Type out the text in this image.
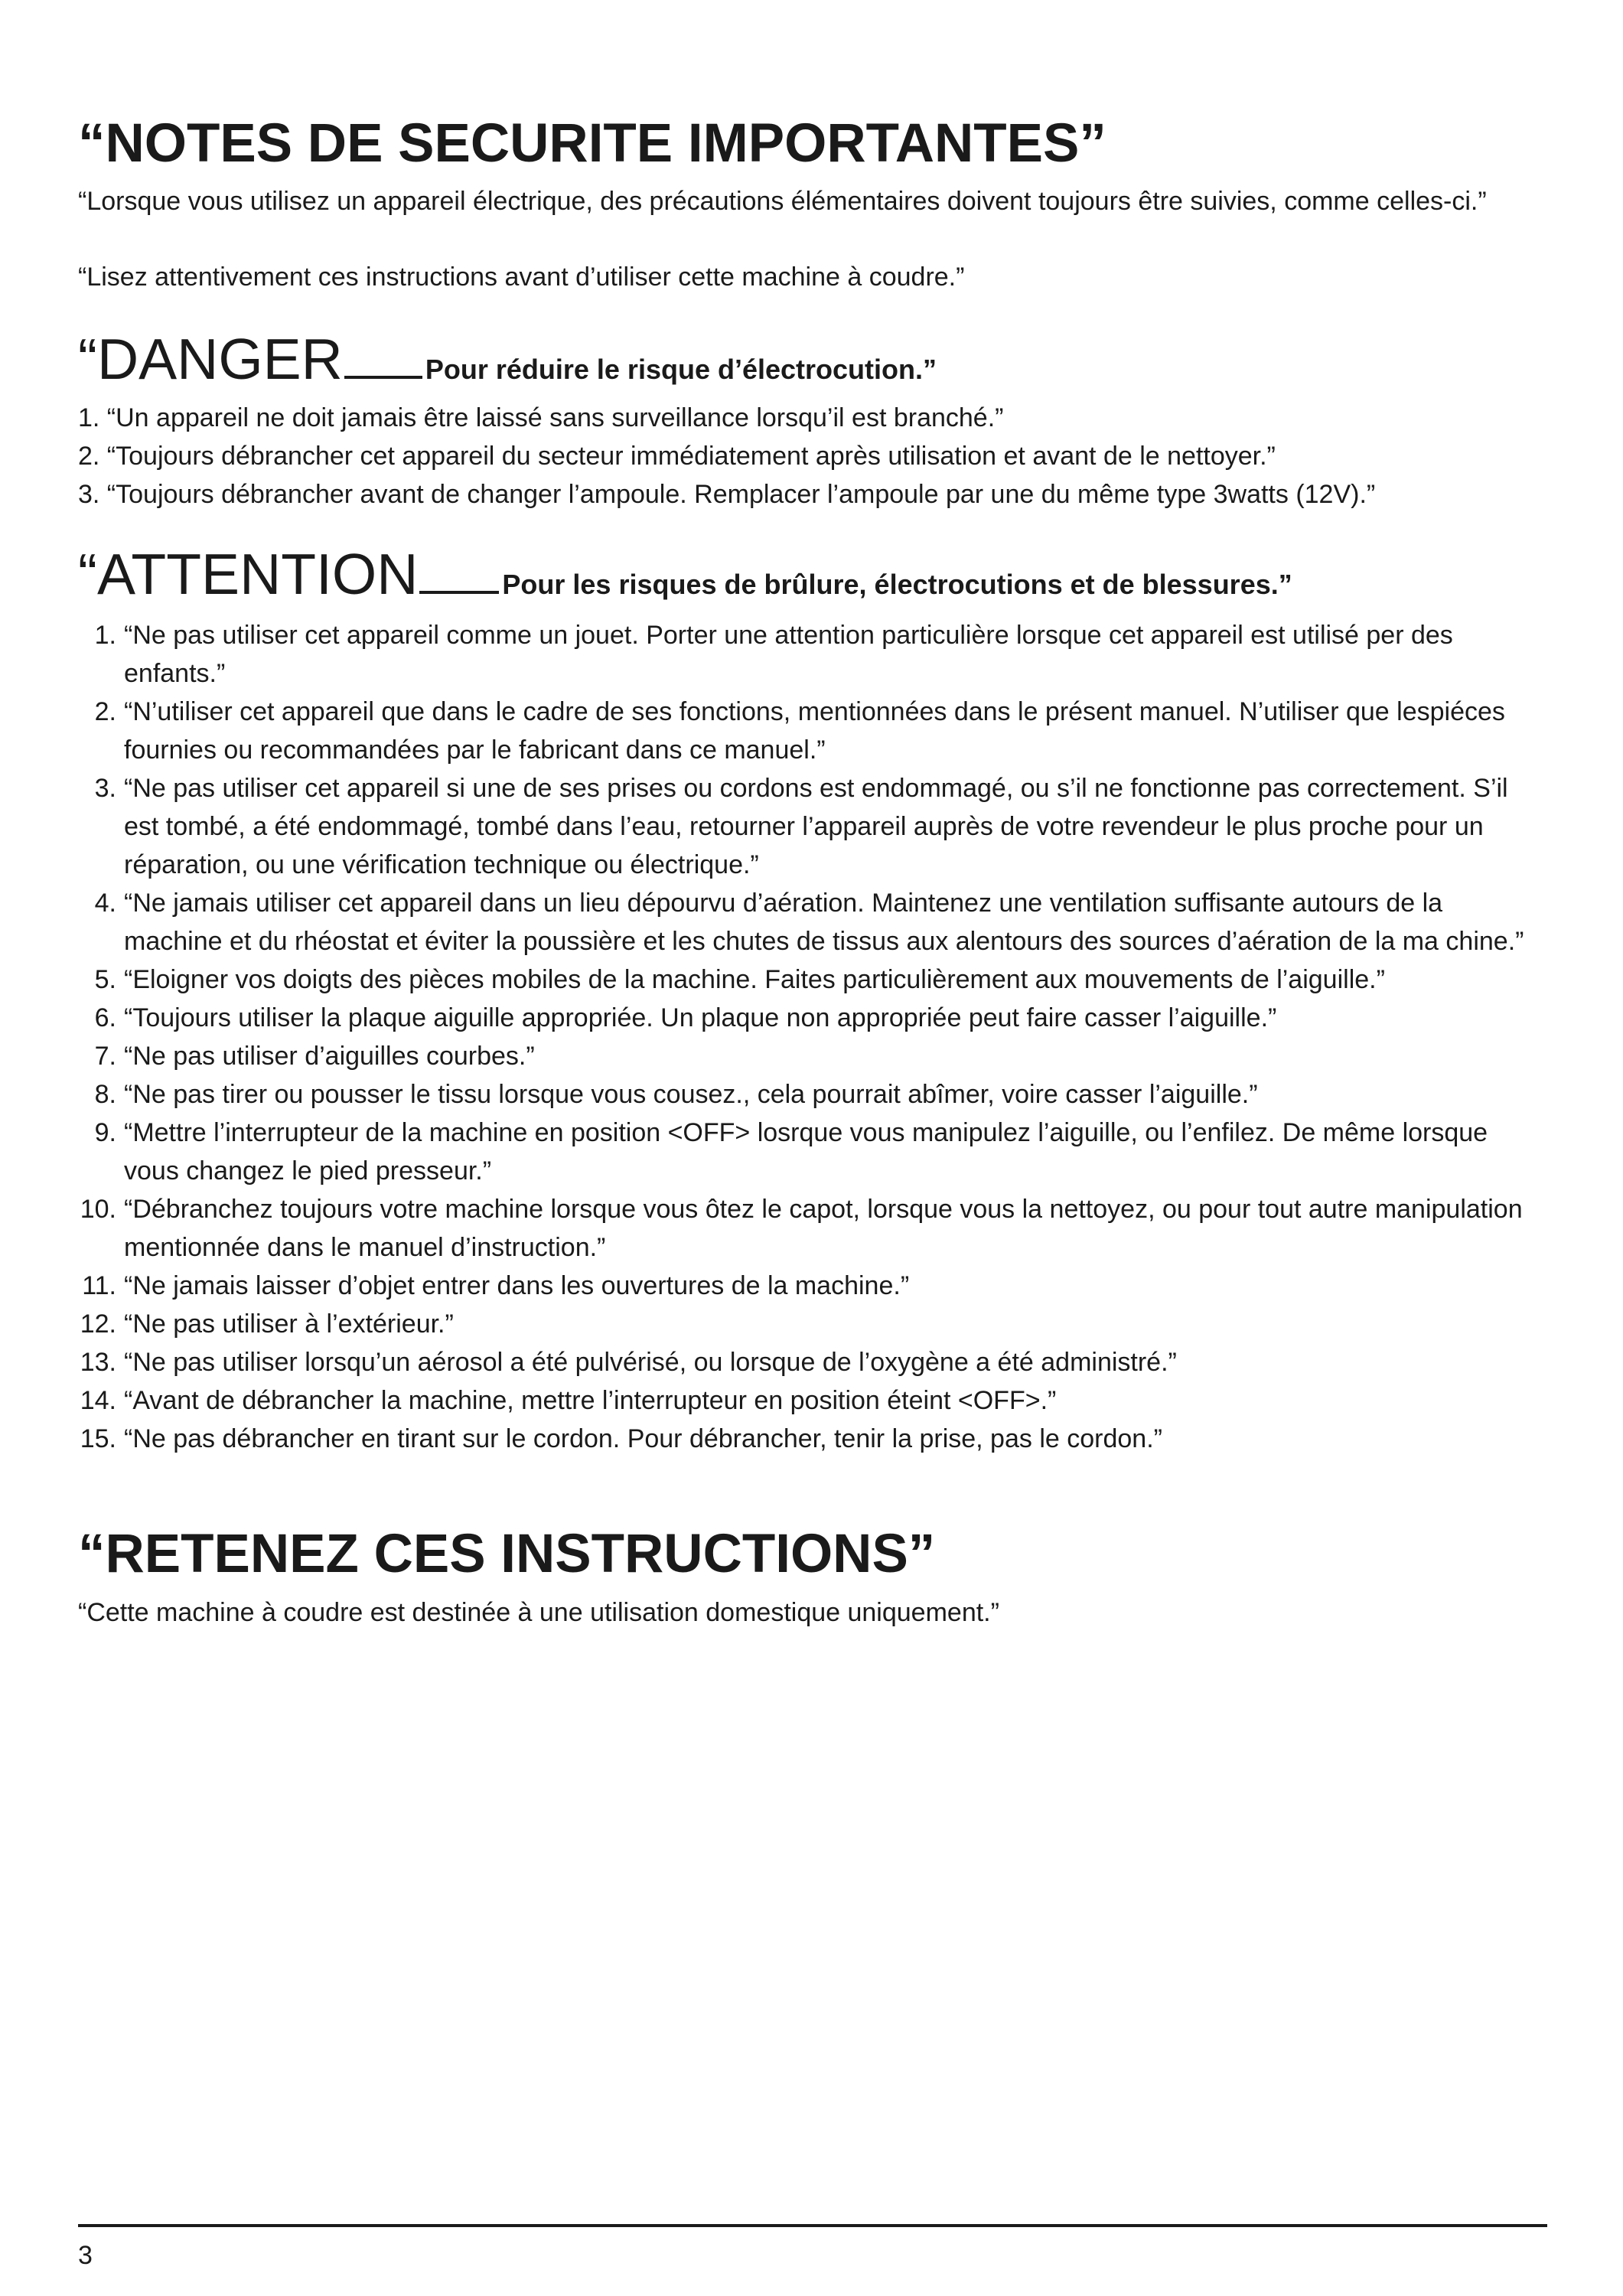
“NOTES DE SECURITE IMPORTANTES”

“Lorsque vous utilisez un appareil électrique, des précautions élémentaires doivent toujours être suivies, comme celles-ci.”

“Lisez attentivement ces instructions avant d’utiliser cette machine à coudre.”

“DANGER	Pour réduire le risque d’électrocution.”
1. “Un appareil ne doit jamais être laissé sans surveillance lorsqu’il est branché.”
2. “Toujours débrancher cet appareil du secteur immédiatement après utilisation et avant de le nettoyer.”
3. “Toujours débrancher avant de changer l’ampoule. Remplacer l’ampoule par une du même type 3watts (12V).”
“ATTENTION	Pour les risques de brûlure, électrocutions et de blessures.”
1. “Ne pas utiliser cet appareil comme un jouet. Porter une attention particulière lorsque cet appareil est utilisé per des enfants.”
2. “N’utiliser cet appareil que dans le cadre de ses fonctions, mentionnées dans le présent manuel. N’utiliser que lespiéces fournies ou recommandées par le fabricant dans ce manuel.”
3. “Ne pas utiliser cet appareil si une de ses prises ou cordons est endommagé, ou s’il ne fonctionne pas correctement. S’il est tombé, a été endommagé, tombé dans l’eau, retourner l’appareil auprès de votre revendeur le plus proche pour un réparation, ou une vérification technique ou électrique.”
4. “Ne jamais utiliser cet appareil dans un lieu dépourvu d’aération. Maintenez une ventilation suffisante autours de la machine et du rhéostat et éviter la poussière et les chutes de tissus aux alentours des sources d’aération de la ma chine.”
5. “Eloigner vos doigts des pièces mobiles de la machine. Faites particulièrement aux mouvements de l’aiguille.”
6. “Toujours utiliser la plaque aiguille appropriée. Un plaque non appropriée peut faire casser l’aiguille.”
7. “Ne pas utiliser d’aiguilles courbes.”
8. “Ne pas tirer ou pousser le tissu lorsque vous cousez., cela pourrait abîmer, voire casser l’aiguille.”
9. “Mettre l’interrupteur de la machine en position <OFF> losrque vous manipulez l’aiguille, ou l’enfilez. De même lorsque vous changez le pied presseur.”
10. “Débranchez toujours votre machine lorsque vous ôtez le capot, lorsque vous la nettoyez, ou pour tout autre manipulation mentionnée dans le manuel d’instruction.”
11. “Ne jamais laisser d’objet entrer dans les ouvertures de la machine.”
12. “Ne pas utiliser à l’extérieur.”
13. “Ne pas utiliser lorsqu’un aérosol a été pulvérisé, ou lorsque de l’oxygène a été administré.”
14. “Avant de débrancher la machine, mettre l’interrupteur en position éteint <OFF>.”
15. “Ne pas débrancher en tirant sur le cordon. Pour débrancher, tenir la prise, pas le cordon.”
“RETENEZ CES INSTRUCTIONS”

“Cette machine à coudre est destinée à une utilisation domestique uniquement.”

3
